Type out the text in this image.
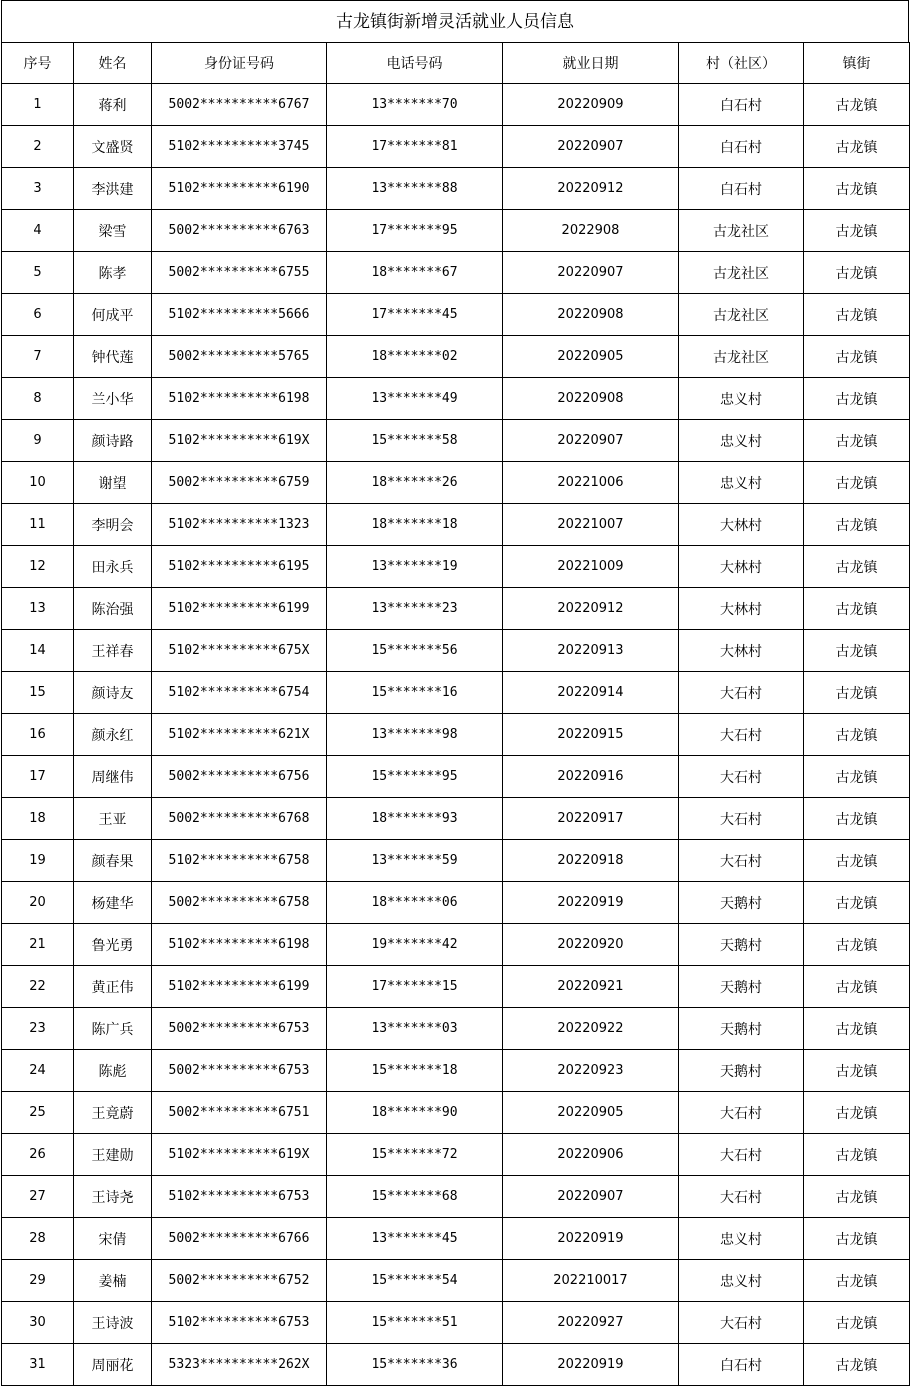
古龙镇街新增灵活就业人员信息
序号	姓名	身份证号码	电话号码	就业日期	村（社区）	镇街
1	蒋利	5002**********6767	13*******70	20220909	白石村	古龙镇
2	文盛贤	5102**********3745	17*******81	20220907	白石村	古龙镇
3	李洪建	5102**********6190	13*******88	20220912	白石村	古龙镇
4	梁雪	5002**********6763	17*******95	2022908	古龙社区	古龙镇
5	陈孝	5002**********6755	18*******67	20220907	古龙社区	古龙镇
6	何成平	5102**********5666	17*******45	20220908	古龙社区	古龙镇
7	钟代莲	5002**********5765	18*******02	20220905	古龙社区	古龙镇
8	兰小华	5102**********6198	13*******49	20220908	忠义村	古龙镇
9	颜诗路	5102**********619X	15*******58	20220907	忠义村	古龙镇
10	谢望	5002**********6759	18*******26	20221006	忠义村	古龙镇
11	李明会	5102**********1323	18*******18	20221007	大林村	古龙镇
12	田永兵	5102**********6195	13*******19	20221009	大林村	古龙镇
13	陈治强	5102**********6199	13*******23	20220912	大林村	古龙镇
14	王祥春	5102**********675X	15*******56	20220913	大林村	古龙镇
15	颜诗友	5102**********6754	15*******16	20220914	大石村	古龙镇
16	颜永红	5102**********621X	13*******98	20220915	大石村	古龙镇
17	周继伟	5002**********6756	15*******95	20220916	大石村	古龙镇
18	王亚	5002**********6768	18*******93	20220917	大石村	古龙镇
19	颜春果	5102**********6758	13*******59	20220918	大石村	古龙镇
20	杨建华	5002**********6758	18*******06	20220919	天鹅村	古龙镇
21	鲁光勇	5102**********6198	19*******42	20220920	天鹅村	古龙镇
22	黄正伟	5102**********6199	17*******15	20220921	天鹅村	古龙镇
23	陈广兵	5002**********6753	13*******03	20220922	天鹅村	古龙镇
24	陈彪	5002**********6753	15*******18	20220923	天鹅村	古龙镇
25	王竟蔚	5002**********6751	18*******90	20220905	大石村	古龙镇
26	王建勋	5102**********619X	15*******72	20220906	大石村	古龙镇
27	王诗尧	5102**********6753	15*******68	20220907	大石村	古龙镇
28	宋倩	5002**********6766	13*******45	20220919	忠义村	古龙镇
29	姜楠	5002**********6752	15*******54	202210017	忠义村	古龙镇
30	王诗波	5102**********6753	15*******51	20220927	大石村	古龙镇
31	周丽花	5323**********262X	15*******36	20220919	白石村	古龙镇
